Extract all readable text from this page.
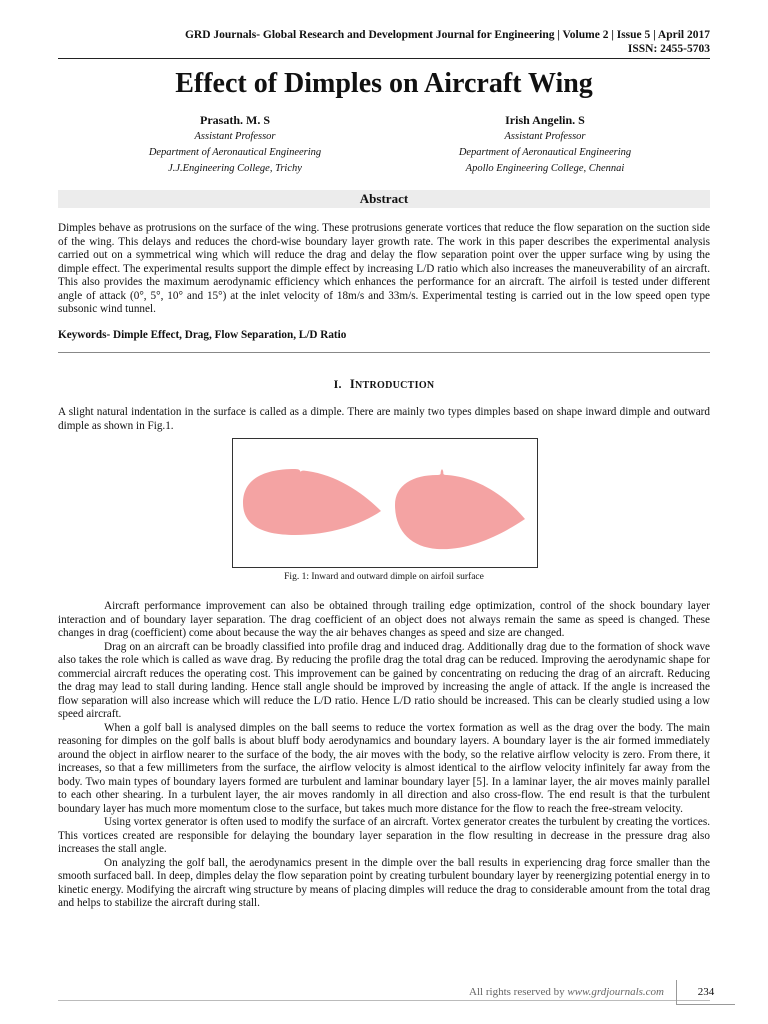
GRD Journals- Global Research and Development Journal for Engineering | Volume 2 | Issue 5 | April 2017

ISSN: 2455-5703

Effect of Dimples on Aircraft Wing

Prasath. M. S

Assistant Professor

Department of Aeronautical Engineering

J.J.Engineering College, Trichy

Irish Angelin. S

Assistant Professor

Department of Aeronautical Engineering

Apollo Engineering College, Chennai

Abstract

Dimples behave as protrusions on the surface of the wing. These protrusions generate vortices that reduce the flow separation on the suction side of the wing. This delays and reduces the chord-wise boundary layer growth rate. The work in this paper describes the experimental analysis carried out on a symmetrical wing which will reduce the drag and delay the flow separation point over the upper surface wing by using the dimple effect. The experimental results support the dimple effect by increasing L/D ratio which also increases the maneuverability of an aircraft. This also provides the maximum aerodynamic efficiency which enhances the performance for an aircraft. The airfoil is tested under different angle of attack (0°, 5°, 10° and 15°) at the inlet velocity of 18m/s and 33m/s. Experimental testing is carried out in the low speed open type subsonic wind tunnel.

Keywords- Dimple Effect, Drag, Flow Separation, L/D Ratio

I. INTRODUCTION

A slight natural indentation in the surface is called as a dimple. There are mainly two types dimples based on shape inward dimple and outward dimple as shown in Fig.1.

Fig. 1: Inward and outward dimple on airfoil surface

Aircraft performance improvement can also be obtained through trailing edge optimization, control of the shock boundary layer interaction and of boundary layer separation. The drag coefficient of an object does not always remain the same as speed is changed. These changes in drag (coefficient) come about because the way the air behaves changes as speed and size are changed.

Drag on an aircraft can be broadly classified into profile drag and induced drag. Additionally drag due to the formation of shock wave also takes the role which is called as wave drag. By reducing the profile drag the total drag can be reduced. Improving the aerodynamic shape for commercial aircraft reduces the operating cost. This improvement can be gained by concentrating on reducing the drag of an aircraft. Reducing the drag may lead to stall during landing. Hence stall angle should be improved by increasing the angle of attack. If the angle is increased the flow separation will also increase which will reduce the L/D ratio. Hence L/D ratio should be increased. This can be clearly studied using a low speed aircraft.

When a golf ball is analysed dimples on the ball seems to reduce the vortex formation as well as the drag over the body. The main reasoning for dimples on the golf balls is about bluff body aerodynamics and boundary layers. A boundary layer is the air formed immediately around the object in airflow nearer to the surface of the body, the air moves with the body, so the relative airflow velocity is zero. From there, it increases, so that a few millimeters from the surface, the airflow velocity is almost identical to the airflow velocity infinitely far away from the body. Two main types of boundary layers formed are turbulent and laminar boundary layer [5]. In a laminar layer, the air moves mainly parallel to each other shearing. In a turbulent layer, the air moves randomly in all direction and also cross-flow. The end result is that the turbulent boundary layer has much more momentum close to the surface, but takes much more distance for the flow to reach the free-stream velocity.

Using vortex generator is often used to modify the surface of an aircraft. Vortex generator creates the turbulent by creating the vortices. This vortices created are responsible for delaying the boundary layer separation in the flow resulting in decrease in the pressure drag also increases the stall angle.

On analyzing the golf ball, the aerodynamics present in the dimple over the ball results in experiencing drag force smaller than the smooth surfaced ball. In deep, dimples delay the flow separation point by creating turbulent boundary layer by reenergizing potential energy in to kinetic energy. Modifying the aircraft wing structure by means of placing dimples will reduce the drag to considerable amount from the total drag and helps to stabilize the aircraft during stall.

All rights reserved by www.grdjournals.com	234
